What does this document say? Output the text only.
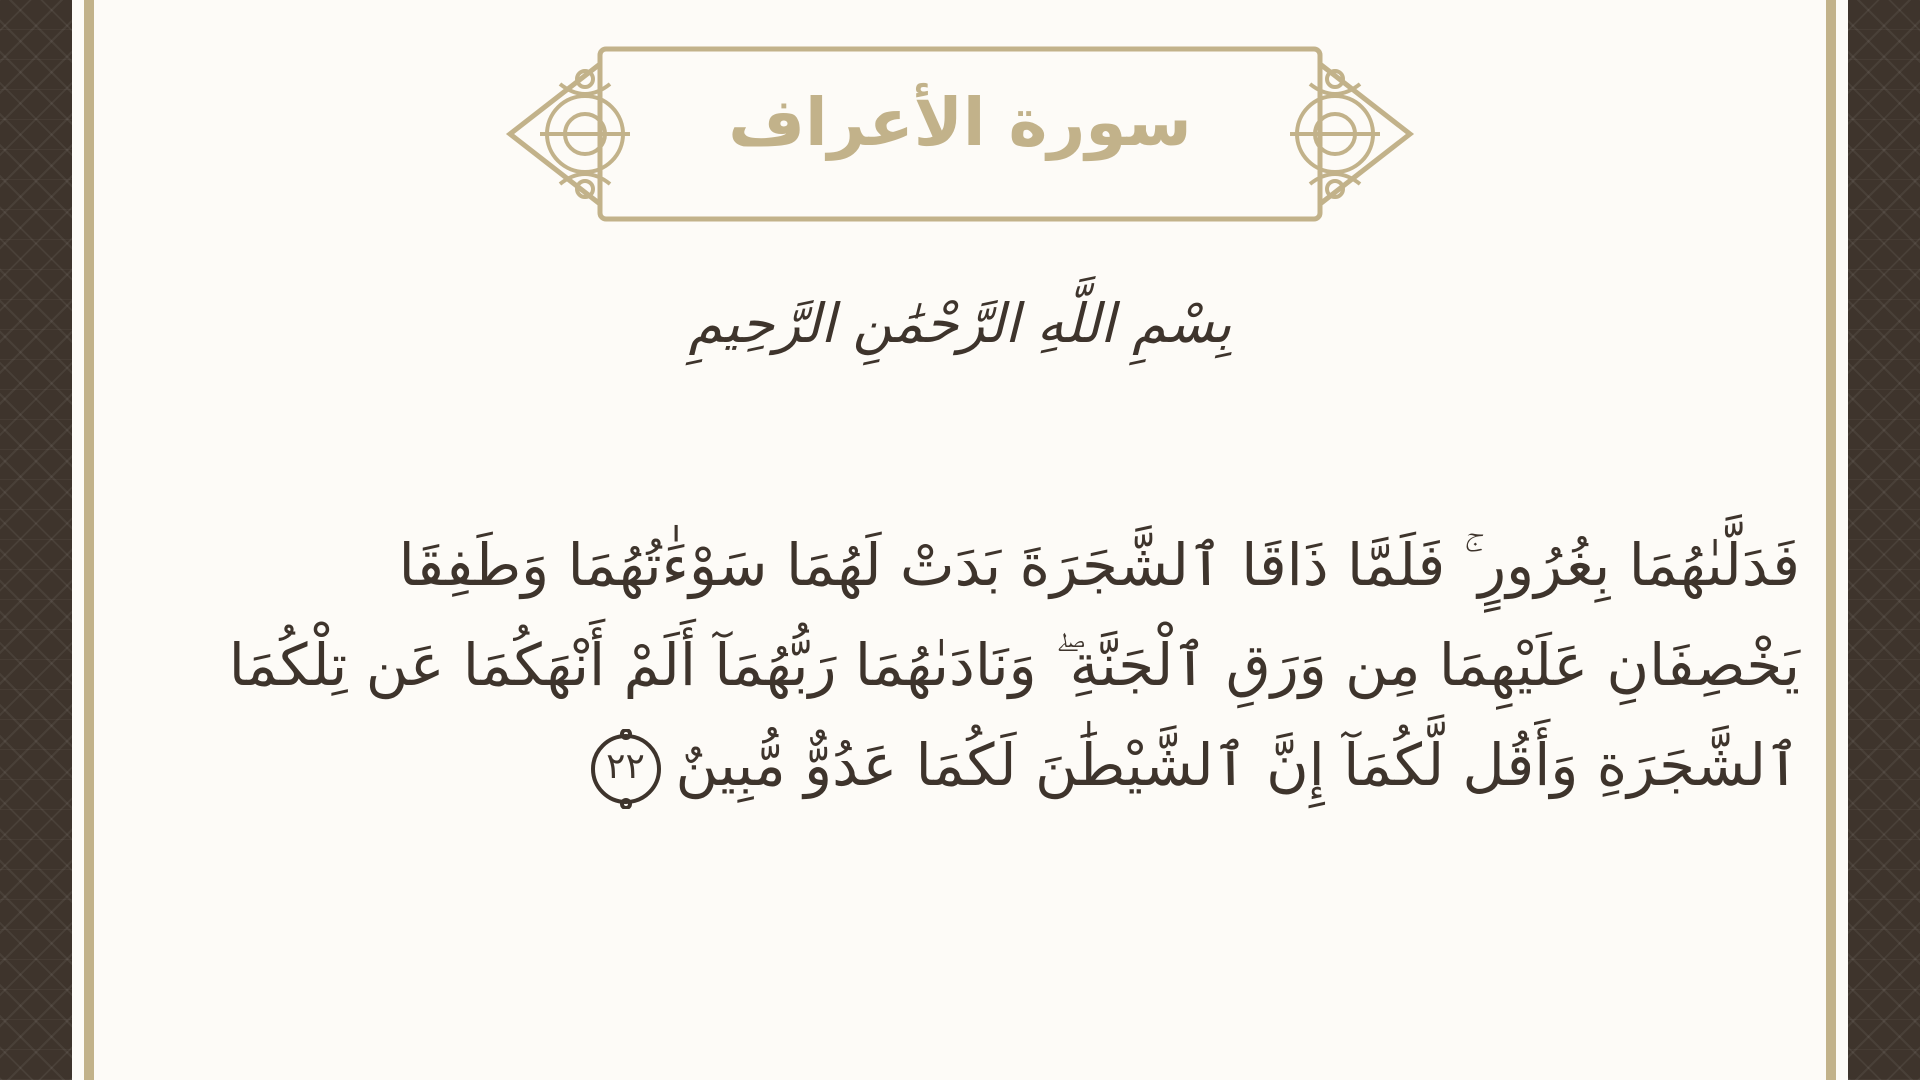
سورة الأعراف
بِسْمِ اللَّهِ الرَّحْمَٰنِ الرَّحِيمِ
فَدَلَّىٰهُمَا بِغُرُورٍ ۚ فَلَمَّا ذَاقَا ٱلشَّجَرَةَ بَدَتْ لَهُمَا سَوْءَٰتُهُمَا وَطَفِقَا يَخْصِفَانِ عَلَيْهِمَا مِن وَرَقِ ٱلْجَنَّةِ ۖ وَنَادَىٰهُمَا رَبُّهُمَآ أَلَمْ أَنْهَكُمَا عَن تِلْكُمَا ٱلشَّجَرَةِ وَأَقُل لَّكُمَآ إِنَّ ٱلشَّيْطَٰنَ لَكُمَا عَدُوٌّ مُّبِينٌ
٢٢
